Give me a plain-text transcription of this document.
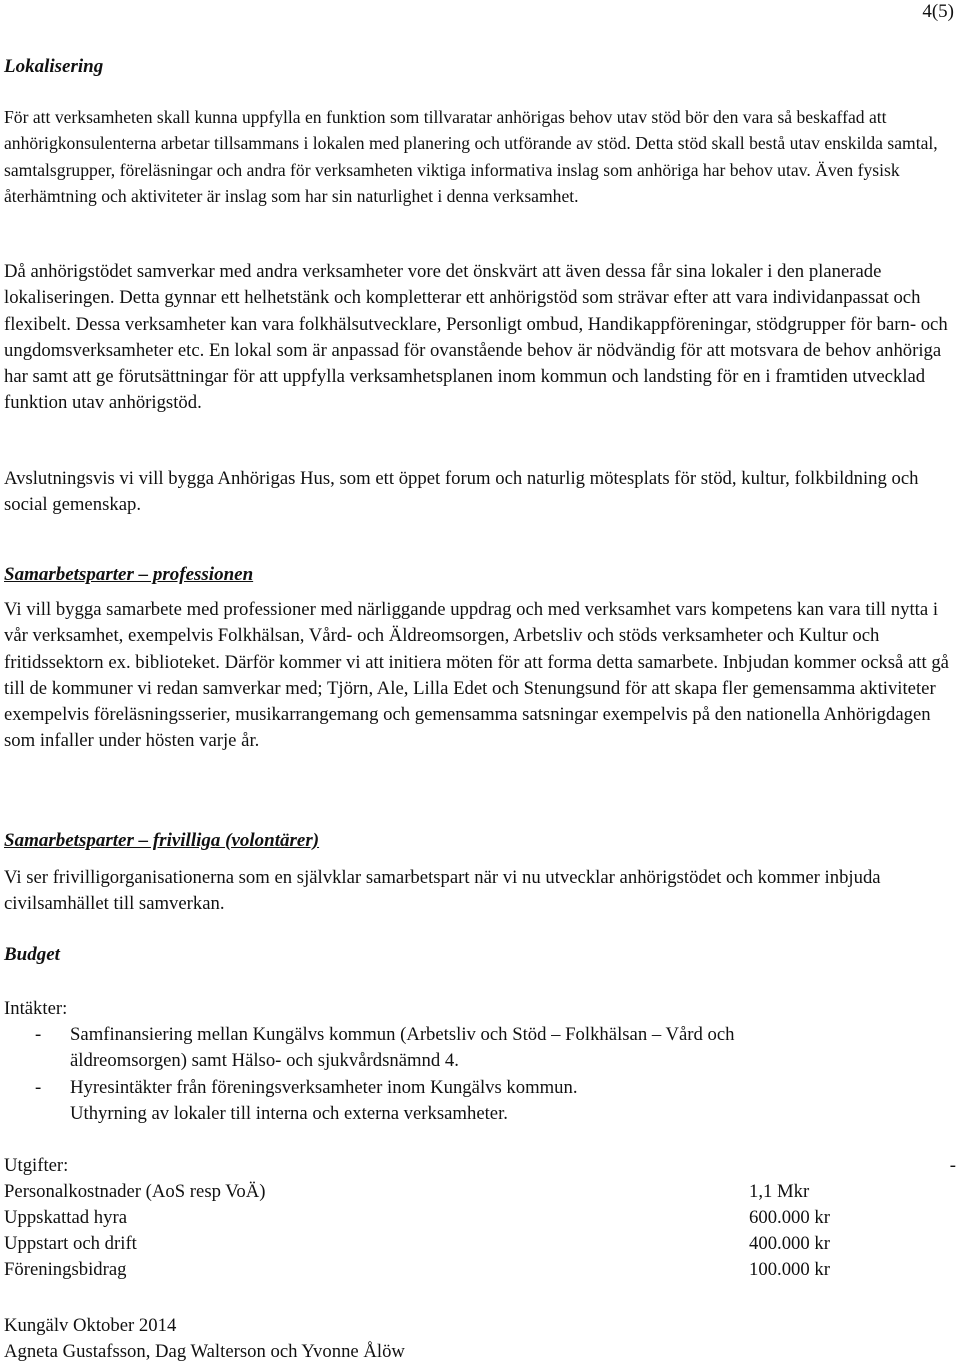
4(5)
Lokalisering
För att verksamheten skall kunna uppfylla en funktion som tillvaratar anhörigas behov utav stöd bör den vara så beskaffad att anhörigkonsulenterna arbetar tillsammans i lokalen med planering och utförande av stöd. Detta stöd skall bestå utav enskilda samtal, samtalsgrupper, föreläsningar och andra för verksamheten viktiga informativa inslag som anhöriga har behov utav. Även fysisk återhämtning och aktiviteter är inslag som har sin naturlighet i denna verksamhet.
Då anhörigstödet samverkar med andra verksamheter vore det önskvärt att även dessa får sina lokaler i den planerade lokaliseringen. Detta gynnar ett helhetstänk och kompletterar ett anhörigstöd som strävar efter att vara individanpassat och flexibelt. Dessa verksamheter kan vara folkhälsutvecklare, Personligt ombud, Handikappföreningar, stödgrupper för barn- och ungdomsverksamheter etc. En lokal som är anpassad för ovanstående behov är nödvändig för att motsvara de behov anhöriga har samt att ge förutsättningar för att uppfylla verksamhetsplanen inom kommun och landsting för en i framtiden utvecklad funktion utav anhörigstöd.
Avslutningsvis vi vill bygga Anhörigas Hus, som ett öppet forum och naturlig mötesplats för stöd, kultur, folkbildning och social gemenskap.
Samarbetsparter – professionen
Vi vill bygga samarbete med professioner med närliggande uppdrag och med verksamhet vars kompetens kan vara till nytta i vår verksamhet, exempelvis Folkhälsan, Vård- och Äldreomsorgen, Arbetsliv och stöds verksamheter och Kultur och fritidssektorn ex. biblioteket. Därför kommer vi att initiera möten för att forma detta samarbete. Inbjudan kommer också att gå till de kommuner vi redan samverkar med; Tjörn, Ale, Lilla Edet och Stenungsund för att skapa fler gemensamma aktiviteter exempelvis föreläsningsserier, musikarrangemang och gemensamma satsningar exempelvis på den nationella Anhörigdagen som infaller under hösten varje år.
Samarbetsparter – frivilliga (volontärer)
Vi ser frivilligorganisationerna som en självklar samarbetspart när vi nu utvecklar anhörigstödet och kommer inbjuda civilsamhället till samverkan.
Budget
Intäkter:
- Samfinansiering mellan Kungälvs kommun (Arbetsliv och Stöd – Folkhälsan – Vård och
äldreomsorgen) samt Hälso- och sjukvårdsnämnd 4.
- Hyresintäkter från föreningsverksamheter inom Kungälvs kommun.
Uthyrning av lokaler till interna och externa verksamheter.
Utgifter:	-
Personalkostnader (AoS resp VoÄ)	1,1 Mkr
Uppskattad hyra	600.000 kr
Uppstart och drift	400.000 kr
Föreningsbidrag	100.000 kr
Kungälv Oktober 2014
Agneta Gustafsson, Dag Walterson och Yvonne Ålöw
